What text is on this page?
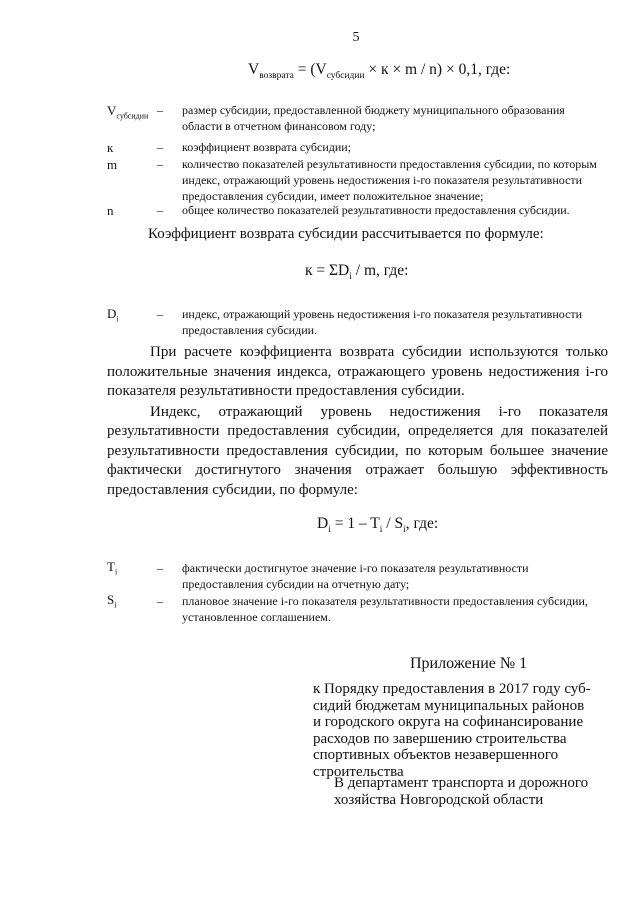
5
$V_{возврата} = (V_{субсидии} \times к \times m / n) \times 0,1$, где:
$V_{субсидии}$ – размер субсидии, предоставленной бюджету муниципального образования области в отчетном финансовом году;
к	– коэффициент возврата субсидии;
m	– количество показателей результативности предоставления субсидии, по которым индекс, отражающий уровень недостижения i-го показателя результативности предоставления субсидии, имеет положительное значение;
n	– общее количество показателей результативности предоставления субсидии.
Коэффициент возврата субсидии рассчитывается по формуле:
$к = \Sigma D_i / m$, где:
$D_i$	– индекс, отражающий уровень недостижения i-го показателя результативности предоставления субсидии.
При расчете коэффициента возврата субсидии используются только положительные значения индекса, отражающего уровень недостижения i-го показателя результативности предоставления субсидии.
Индекс, отражающий уровень недостижения i-го показателя
результативности предоставления субсидии, определяется для показателей результативности предоставления субсидии, по которым большее значение фактически достигнутого значения отражает большую эффективность предоставления субсидии, по формуле:
$D_i = 1 - T_i / S_i$, где:
$T_i$	– фактически достигнутое значение i-го показателя результативности предоставления субсидии на отчетную дату;
$S_i$	– плановое значение i-го показателя результативности предоставления субсидии, установленное соглашением.
Приложение № 1
к Порядку предоставления в 2017 году суб-
сидий бюджетам муниципальных районов
и городского округа на софинансирование
расходов по завершению строительства
спортивных объектов незавершенного
строительства
В департамент транспорта и дорожного
хозяйства Новгородской области
